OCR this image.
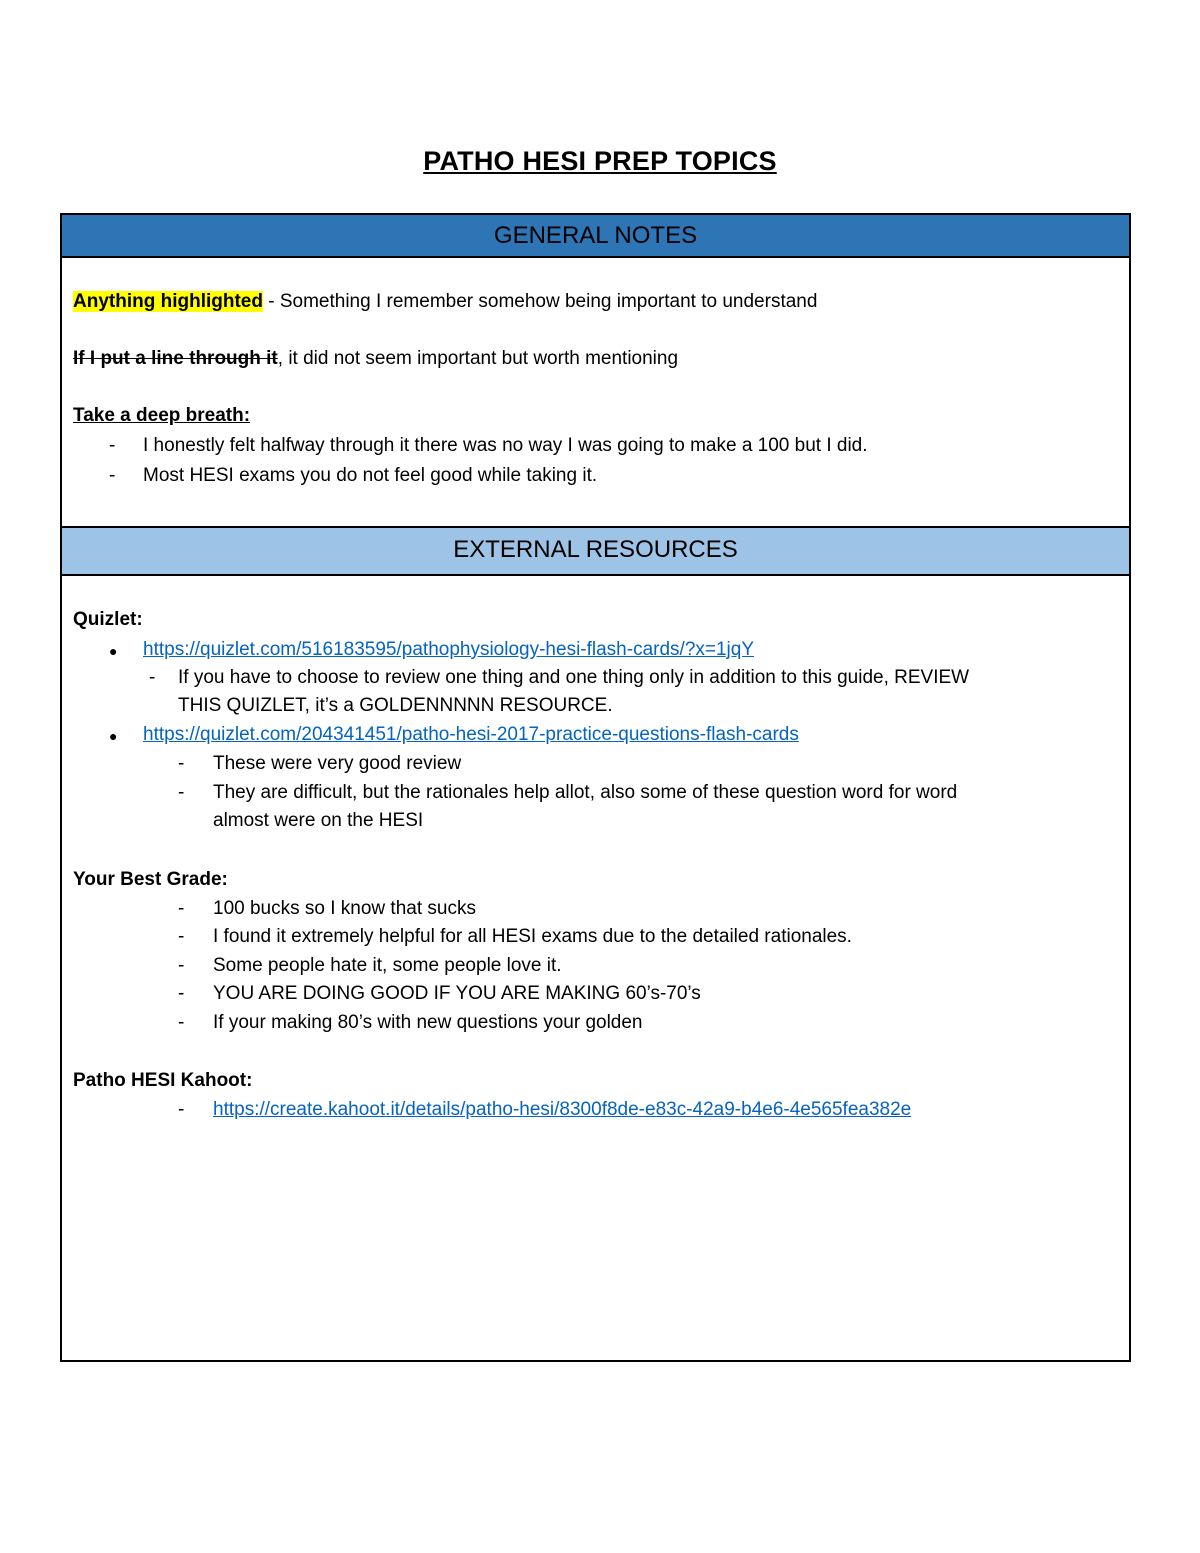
PATHO HESI PREP TOPICS
GENERAL NOTES
Anything highlighted - Something I remember somehow being important to understand
If I put a line through it, it did not seem important but worth mentioning
Take a deep breath:
-	I honestly felt halfway through it there was no way I was going to make a 100 but I did.
-	Most HESI exams you do not feel good while taking it.
EXTERNAL RESOURCES
Quizlet:
● https://quizlet.com/516183595/pathophysiology-hesi-flash-cards/?x=1jqY
-	If you have to choose to review one thing and one thing only in addition to this guide, REVIEW
THIS QUIZLET, it’s a GOLDENNNNN RESOURCE.
● https://quizlet.com/204341451/patho-hesi-2017-practice-questions-flash-cards
-	These were very good review
-	They are difficult, but the rationales help allot, also some of these question word for word
almost were on the HESI
Your Best Grade:
-	100 bucks so I know that sucks
-	I found it extremely helpful for all HESI exams due to the detailed rationales.
-	Some people hate it, some people love it.
-	YOU ARE DOING GOOD IF YOU ARE MAKING 60’s-70’s
-	If your making 80’s with new questions your golden
Patho HESI Kahoot:
-	https://create.kahoot.it/details/patho-hesi/8300f8de-e83c-42a9-b4e6-4e565fea382e
